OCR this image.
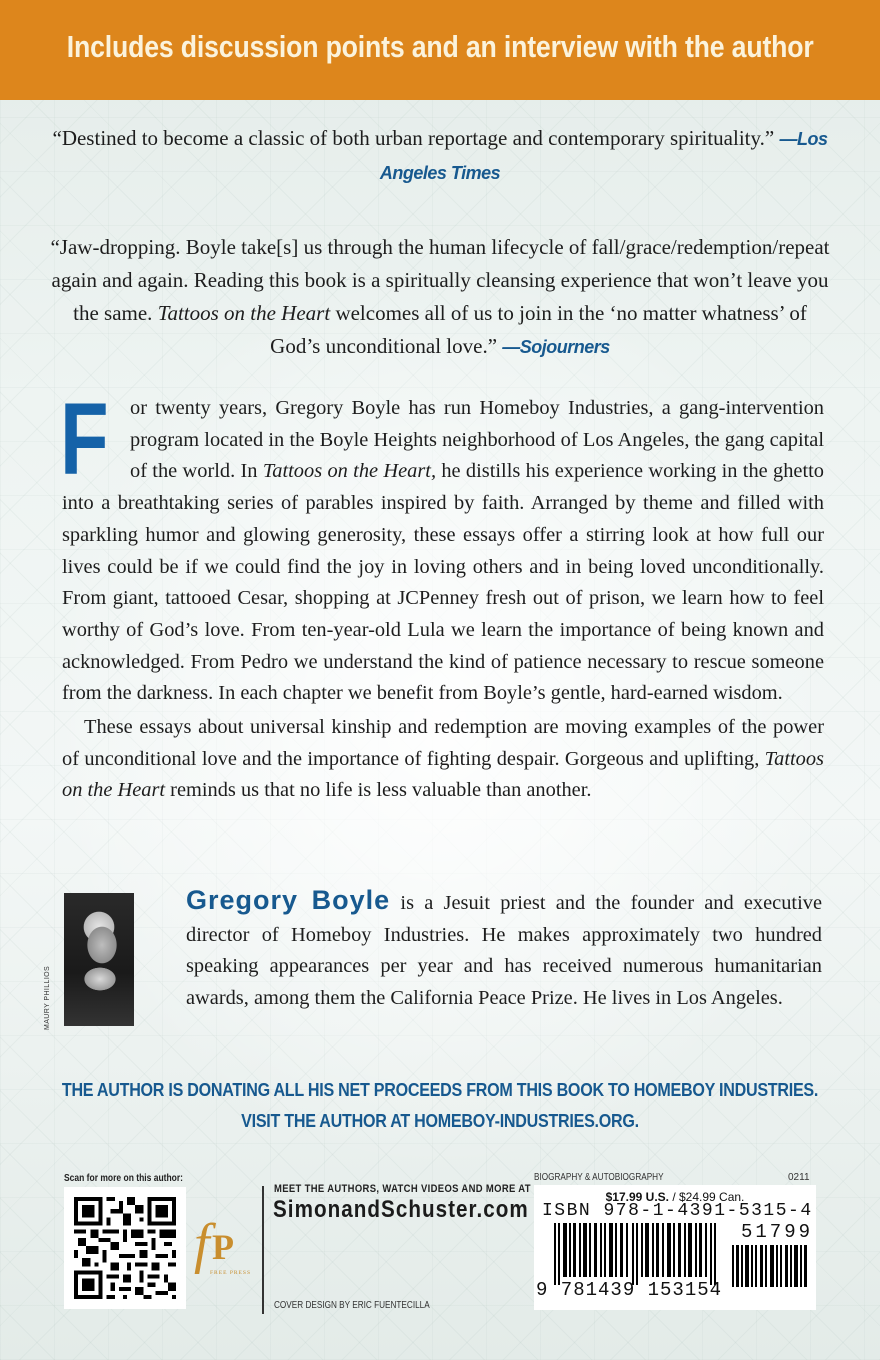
Includes discussion points and an interview with the author
“Destined to become a classic of both urban reportage and contemporary spirituality.” —Los Angeles Times
“Jaw-dropping. Boyle take[s] us through the human lifecycle of fall/grace/redemption/repeat again and again. Reading this book is a spiritually cleansing experience that won’t leave you the same. Tattoos on the Heart welcomes all of us to join in the ‘no matter whatness’ of God’s unconditional love.” —Sojourners

F or twenty years, Gregory Boyle has run Homeboy Industries, a gang-intervention program located in the Boyle Heights neighborhood of Los Angeles, the gang capital of the world. In Tattoos on the Heart, he distills his experience working in the ghetto into a breathtaking series of parables inspired by faith. Arranged by theme and filled with sparkling humor and glowing generosity, these essays offer a stirring look at how full our lives could be if we could find the joy in loving others and in being loved unconditionally. From giant, tattooed Cesar, shopping at JCPenney fresh out of prison, we learn how to feel worthy of God’s love. From ten-year-old Lula we learn the importance of being known and acknowledged. From Pedro we understand the kind of patience necessary to rescue someone from the darkness. In each chapter we benefit from Boyle’s gentle, hard-earned wisdom.

These essays about universal kinship and redemption are moving examples of the power of unconditional love and the importance of fighting despair. Gorgeous and uplifting, Tattoos on the Heart reminds us that no life is less valuable than another.

MAURY PHILLIOS
Gregory Boyle is a Jesuit priest and the founder and executive director of Homeboy Industries. He makes approximately two hundred speaking appearances per year and has received numerous humanitarian awards, among them the California Peace Prize. He lives in Los Angeles.
THE AUTHOR IS DONATING ALL HIS NET PROCEEDS FROM THIS BOOK TO HOMEBOY INDUSTRIES.
VISIT THE AUTHOR AT HOMEBOY-INDUSTRIES.ORG.
Scan for more on this author:
f P
FREE PRESS
MEET THE AUTHORS, WATCH VIDEOS AND MORE AT
SimonandSchuster.com
COVER DESIGN BY ERIC FUENTECILLA
BIOGRAPHY & AUTOBIOGRAPHY	0211
$17.99 U.S. / $24.99 Can.
ISBN 978-1-4391-5315-4
51799
9 781439 153154
